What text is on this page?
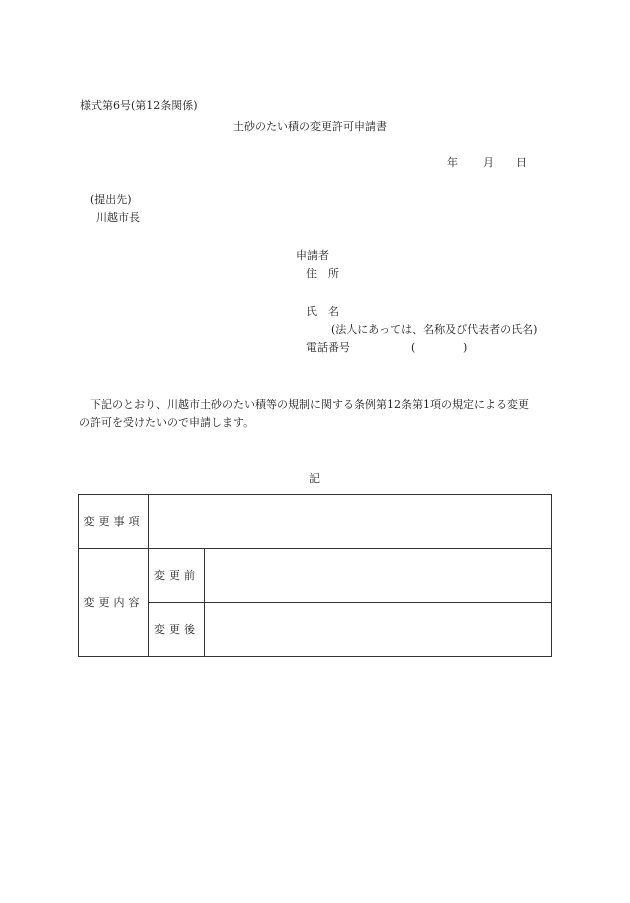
様式第6号(第12条関係)
土砂のたい積の変更許可申請書
年 月 日
(提出先)
川越市長
申請者
住　所
氏　名
(法人にあっては、名称及び代表者の氏名)
電話番号	(	)
下記のとおり、川越市土砂のたい積等の規制に関する条例第12条第1項の規定による変更
の許可を受けたいので申請します。
記
変更事項		
変更内容	変更前	
	変更後	
